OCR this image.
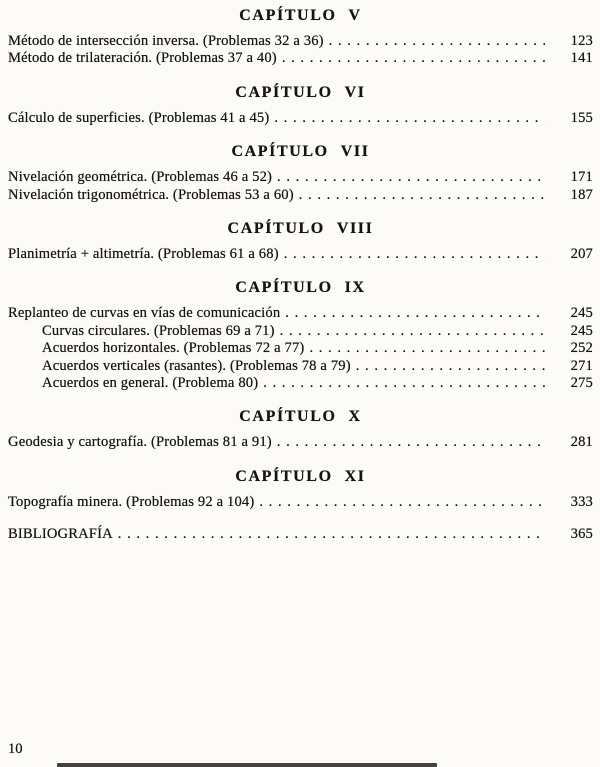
CAPÍTULO V
Método de intersección inversa. (Problemas 32 a 36) . . .	123
Método de trilateración. (Problemas 37 a 40) . . .	141
CAPÍTULO VI
Cálculo de superficies. (Problemas 41 a 45) . . .	155
CAPÍTULO VII
Nivelación geométrica. (Problemas 46 a 52) . . .	171
Nivelación trigonométrica. (Problemas 53 a 60) . . .	187
CAPÍTULO VIII
Planimetría + altimetría. (Problemas 61 a 68) . . .	207
CAPÍTULO IX
Replanteo de curvas en vías de comunicación . . .	245
Curvas circulares. (Problemas 69 a 71) . . .	245
Acuerdos horizontales. (Problemas 72 a 77) . . .	252
Acuerdos verticales (rasantes). (Problemas 78 a 79) . . .	271
Acuerdos en general. (Problema 80) . . .	275
CAPÍTULO X
Geodesia y cartografía. (Problemas 81 a 91) . . .	281
CAPÍTULO XI
Topografía minera. (Problemas 92 a 104) . . .	333
BIBLIOGRAFÍA . . .	365
10
